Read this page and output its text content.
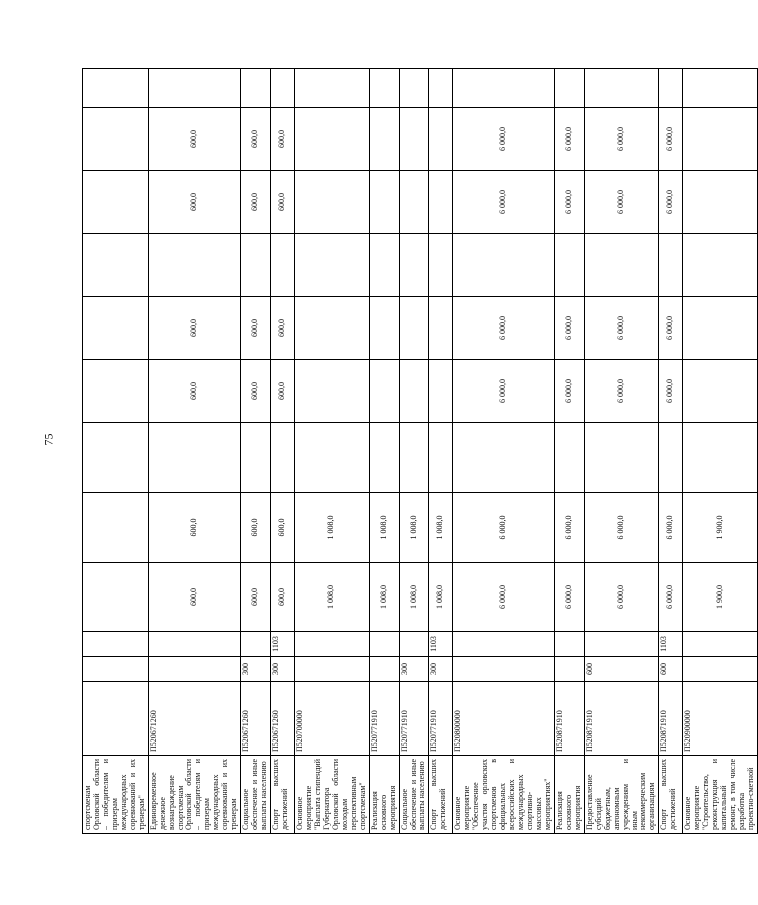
75
спортсменам Орловской области – победителям и призерам международных соревнований и их тренерам"												
Единовременное денежное вознаграждение спортсменам Орловской области – победителям и призерам международных соревнований и их тренерам	П520671260			600,0	600,0		600,0	600,0		600,0	600,0	
Социальное обеспечение и иные выплаты населению	П520671260	300		600,0	600,0		600,0	600,0		600,0	600,0	
Спорт высших достижений	П520671260	300	1103	600,0	600,0		600,0	600,0		600,0	600,0	
Основное мероприятие "Выплата стипендий Губернатора Орловской области молодым перспективным спортсменам"	П520700000			1 008,0	1 008,0							
Реализация основного мероприятия	П520771910			1 008,0	1 008,0							
Социальное обеспечение и иные выплаты населению	П520771910	300		1 008,0	1 008,0							
Спорт высших достижений	П520771910	300	1103	1 008,0	1 008,0							
Основное мероприятие "Обеспечение участия орловских спортсменов в официальных всероссийских и международных спортивно-массовых мероприятиях"	П520800000			6 000,0	6 000,0		6 000,0	6 000,0		6 000,0	6 000,0	
Реализация основного мероприятия	П520871910			6 000,0	6 000,0		6 000,0	6 000,0		6 000,0	6 000,0	
Предоставление субсидий бюджетным, автономным учреждениям и иным некоммерческим организациям	П520871910	600		6 000,0	6 000,0		6 000,0	6 000,0		6 000,0	6 000,0	
Спорт высших достижений	П520871910	600	1103	6 000,0	6 000,0		6 000,0	6 000,0		6 000,0	6 000,0	
Основное мероприятие "Строительство, реконструкция и капитальный ремонт, в том числе разработка проектно-сметной	П520900000			1 900,0	1 900,0							
